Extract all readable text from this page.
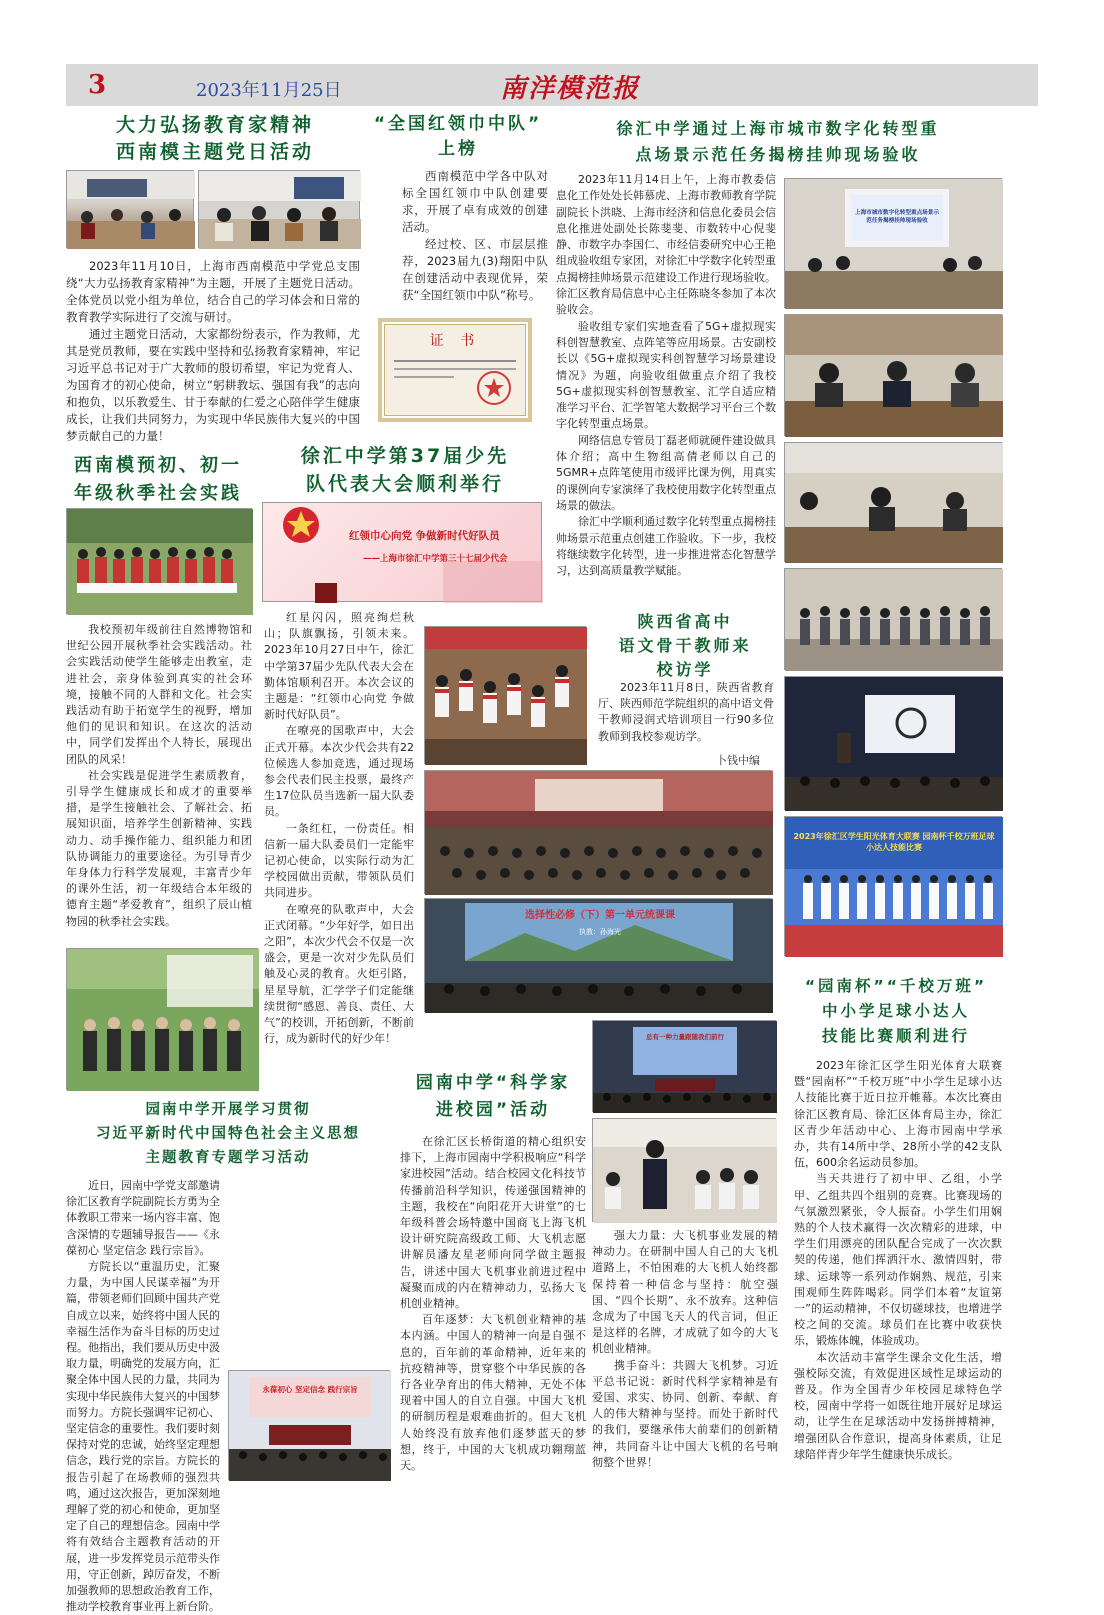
3	2023年11月25日	南洋模范报
大力弘扬教育家精神
西南模主题党日活动

2023年11月10日，上海市西南模范中学党总支围绕“大力弘扬教育家精神”为主题，开展了主题党日活动。全体党员以党小组为单位，结合自己的学习体会和日常的教育教学实际进行了交流与研讨。

通过主题党日活动，大家都纷纷表示，作为教师，尤其是党员教师，要在实践中坚持和弘扬教育家精神，牢记习近平总书记对于广大教师的殷切希望，牢记为党育人、为国育才的初心使命，树立“躬耕教坛、强国有我”的志向和抱负，以乐教爱生、甘于奉献的仁爱之心陪伴学生健康成长，让我们共同努力，为实现中华民族伟大复兴的中国梦贡献自己的力量！

“全国红领巾中队”
上榜

西南模范中学各中队对标全国红领巾中队创建要求，开展了卓有成效的创建活动。

经过校、区、市层层推荐，2023届九(3)翔阳中队在创建活动中表现优异，荣获“全国红领巾中队”称号。

证 书
徐汇中学通过上海市城市数字化转型重
点场景示范任务揭榜挂帅现场验收

2023年11月14日上午，上海市教委信息化工作处处长韩慕虎、上海市教师教育学院副院长卜洪晓、上海市经济和信息化委员会信息化推进处副处长陈斐斐、市数转中心倪斐静、市数字办李国仁、市经信委研究中心王艳组成验收组专家团，对徐汇中学数字化转型重点揭榜挂帅场景示范建设工作进行现场验收。徐汇区教育局信息中心主任陈晓冬参加了本次验收会。

验收组专家们实地查看了5G+虚拟现实科创智慧教室、点阵笔等应用场景。古安副校长以《5G+虚拟现实科创智慧学习场景建设情况》为题，向验收组做重点介绍了我校5G+虚拟现实科创智慧教室、汇学自适应精准学习平台、汇学智笔大数据学习平台三个数字化转型重点场景。

网络信息专管员丁磊老师就硬件建设做具体介绍；高中生物组高倩老师以自己的5GMR+点阵笔使用市级评比课为例，用真实的课例向专家演绎了我校使用数字化转型重点场景的做法。

徐汇中学顺利通过数字化转型重点揭榜挂帅场景示范重点创建工作验收。下一步，我校将继续数字化转型，进一步推进常态化智慧学习，达到高质量教学赋能。

上海市城市数字化转型重点场景示范任务揭榜挂帅现场验收
2023年徐汇区学生阳光体育大联赛 园南杯千校万班足球小达人技能比赛
西南模预初、初一
年级秋季社会实践

我校预初年级前往自然博物馆和世纪公园开展秋季社会实践活动。社会实践活动使学生能够走出教室，走进社会，亲身体验到真实的社会环境，接触不同的人群和文化。社会实践活动有助于拓宽学生的视野，增加他们的见识和知识。在这次的活动中，同学们发挥出个人特长，展现出团队的风采！

社会实践是促进学生素质教育，引导学生健康成长和成才的重要举措，是学生接触社会、了解社会、拓展知识面，培养学生创新精神、实践动力、动手操作能力、组织能力和团队协调能力的重要途径。为引导青少年身体力行科学发展观，丰富青少年的课外生活，初一年级结合本年级的德育主题“孝爱教育”，组织了辰山植物园的秋季社会实践。

徐汇中学第37届少先
队代表大会顺利举行
红领巾心向党 争做新时代好队员
——上海市徐汇中学第三十七届少代会

红星闪闪，照亮绚烂秋山；队旗飘扬，引领未来。2023年10月27日中午，徐汇中学第37届少先队代表大会在勤体馆顺利召开。本次会议的主题是：“红领巾心向党 争做新时代好队员”。

在嘹亮的国歌声中，大会正式开幕。本次少代会共有22位候选人参加竞选，通过现场参会代表们民主投票，最终产生17位队员当选新一届大队委员。

一条红杠，一份责任。相信新一届大队委员们一定能牢记初心使命，以实际行动为汇学校园做出贡献，带领队员们共同进步。

在嘹亮的队歌声中，大会正式闭幕。“少年好学，如日出之阳”，本次少代会不仅是一次盛会，更是一次对少先队员们触及心灵的教育。火炬引路，星星导航，汇学学子们定能继续贯彻“感恩、善良、责任、大气”的校训，开拓创新，不断前行，成为新时代的好少年！

陕西省高中
语文骨干教师来
校访学

2023年11月8日，陕西省教育厅、陕西师范学院组织的高中语文骨干教师浸润式培训项目一行90多位教师到我校参观访学。

卜钱中编
选择性必修（下）第一单元统课课
执教：孙海光
园南中学开展学习贯彻
习近平新时代中国特色社会主义思想
主题教育专题学习活动

近日，园南中学党支部邀请徐汇区教育学院副院长方勇为全体教职工带来一场内容丰富、饱含深情的专题辅导报告——《永葆初心 坚定信念 践行宗旨》。

方院长以“重温历史，汇聚力量，为中国人民谋幸福”为开篇，带领老师们回顾中国共产党自成立以来，始终将中国人民的幸福生活作为奋斗目标的历史过程。他指出，我们要从历史中汲取力量，明确党的发展方向，汇聚全体中国人民的力量，共同为实现中华民族伟大复兴的中国梦而努力。方院长强调牢记初心、坚定信念的重要性。我们要时刻保持对党的忠诚，始终坚定理想信念，践行党的宗旨。方院长的报告引起了在场教师的强烈共鸣，通过这次报告，更加深刻地理解了党的初心和使命，更加坚定了自己的理想信念。园南中学将有效结合主题教育活动的开展，进一步发挥党员示范带头作用，守正创新，踔厉奋发，不断加强教师的思想政治教育工作，推动学校教育事业再上新台阶。

永葆初心 坚定信念 践行宗旨
园南中学“科学家
进校园”活动
总有一种力量跟随我们前行

在徐汇区长桥街道的精心组织安排下，上海市园南中学积极响应“科学家进校园”活动。结合校园文化科技节传播前沿科学知识，传递强国精神的主题，我校在“向阳花开大讲堂”的七年级科普会场特邀中国商飞上海飞机设计研究院高级政工师、大飞机志愿讲解员潘友星老师向同学做主题报告，讲述中国大飞机事业前进过程中凝聚而成的内在精神动力，弘扬大飞机创业精神。

百年逐梦：大飞机创业精神的基本内涵。中国人的精神一向是自强不息的，百年前的革命精神，近年来的抗疫精神等，贯穿整个中华民族的各行各业孕育出的伟大精神，无处不体现着中国人的自立自强。中国大飞机的研制历程是艰难曲折的。但大飞机人始终没有放弃他们逐梦蓝天的梦想，终于，中国的大飞机成功翱翔蓝天。

强大力量：大飞机事业发展的精神动力。在研制中国人自己的大飞机道路上，不怕困难的大飞机人始终都保持着一种信念与坚持：航空强国、“四个长期”、永不放弃。这种信念成为了中国飞天人的代言词，但正是这样的名牌，才成就了如今的大飞机创业精神。

携手奋斗：共圆大飞机梦。习近平总书记说：新时代科学家精神是有爱国、求实、协同、创新、奉献、育人的伟大精神与坚持。而处于新时代的我们，要继承伟大前辈们的创新精神，共同奋斗让中国大飞机的名号响彻整个世界！

“园南杯”“千校万班”
中小学足球小达人
技能比赛顺利进行

2023年徐汇区学生阳光体育大联赛暨“园南杯”“千校万班”中小学生足球小达人技能比赛于近日拉开帷幕。本次比赛由徐汇区教育局、徐汇区体育局主办，徐汇区青少年活动中心、上海市园南中学承办，共有14所中学、28所小学的42支队伍，600余名运动员参加。

当天共进行了初中甲、乙组，小学甲、乙组共四个组别的竞赛。比赛现场的气氛激烈紧张，令人振奋。小学生们用娴熟的个人技术赢得一次次精彩的进球，中学生们用漂亮的团队配合完成了一次次默契的传递，他们挥洒汗水、激情四射，带球、运球等一系列动作娴熟、规范，引来围观师生阵阵喝彩。同学们本着“友谊第一”的运动精神，不仅切磋球技，也增进学校之间的交流。球员们在比赛中收获快乐，锻炼体魄，体验成功。

本次活动丰富学生课余文化生活，增强校际交流，有效促进区域性足球运动的普及。作为全国青少年校园足球特色学校，园南中学将一如既往地开展好足球运动，让学生在足球活动中发扬拼搏精神，增强团队合作意识，提高身体素质，让足球陪伴青少年学生健康快乐成长。
